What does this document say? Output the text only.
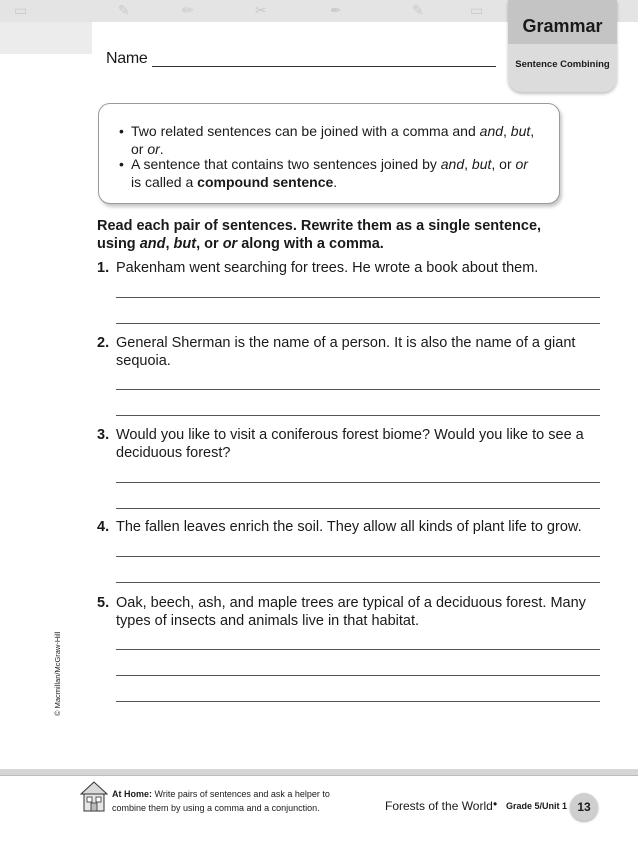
▭	✎	✏	✂	✒	✎	▭
Name
Grammar
Sentence Combining
• Two related sentences can be joined with a comma and and, but, or or.
• A sentence that contains two sentences joined by and, but, or or is called a compound sentence.
Read each pair of sentences. Rewrite them as a single sentence, using and, but, or or along with a comma.
1. Pakenham went searching for trees. He wrote a book about them.
2. General Sherman is the name of a person. It is also the name of a giant sequoia.
3. Would you like to visit a coniferous forest biome? Would you like to see a deciduous forest?
4. The fallen leaves enrich the soil. They allow all kinds of plant life to grow.
5. Oak, beech, ash, and maple trees are typical of a deciduous forest. Many types of insects and animals live in that habitat.
© Macmillan/McGraw-Hill
At Home: Write pairs of sentences and ask a helper to combine them by using a comma and a conjunction.	Forests of the World • Grade 5/Unit 1 13
